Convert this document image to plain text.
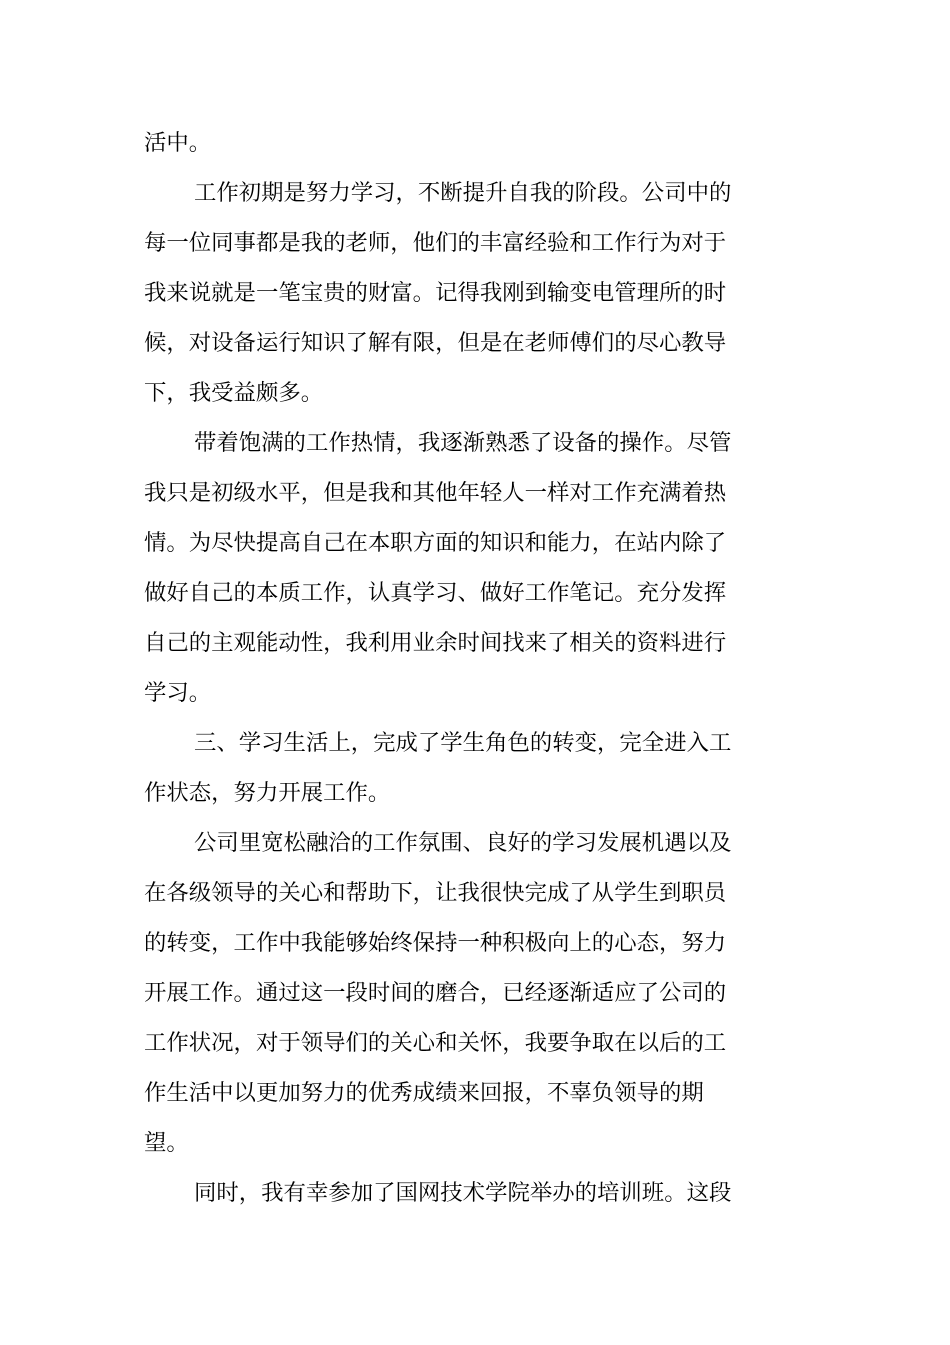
活中。

工作初期是努力学习，不断提升自我的阶段。公司中的
每一位同事都是我的老师，他们的丰富经验和工作行为对于
我来说就是一笔宝贵的财富。记得我刚到输变电管理所的时
候，对设备运行知识了解有限，但是在老师傅们的尽心教导
下，我受益颇多。

带着饱满的工作热情，我逐渐熟悉了设备的操作。尽管
我只是初级水平，但是我和其他年轻人一样对工作充满着热
情。为尽快提高自己在本职方面的知识和能力，在站内除了
做好自己的本质工作，认真学习、做好工作笔记。充分发挥
自己的主观能动性，我利用业余时间找来了相关的资料进行
学习。

三、学习生活上，完成了学生角色的转变，完全进入工
作状态，努力开展工作。

公司里宽松融洽的工作氛围、良好的学习发展机遇以及
在各级领导的关心和帮助下，让我很快完成了从学生到职员
的转变，工作中我能够始终保持一种积极向上的心态，努力
开展工作。通过这一段时间的磨合，已经逐渐适应了公司的
工作状况，对于领导们的关心和关怀，我要争取在以后的工
作生活中以更加努力的优秀成绩来回报，不辜负领导的期
望。

同时，我有幸参加了国网技术学院举办的培训班。这段
